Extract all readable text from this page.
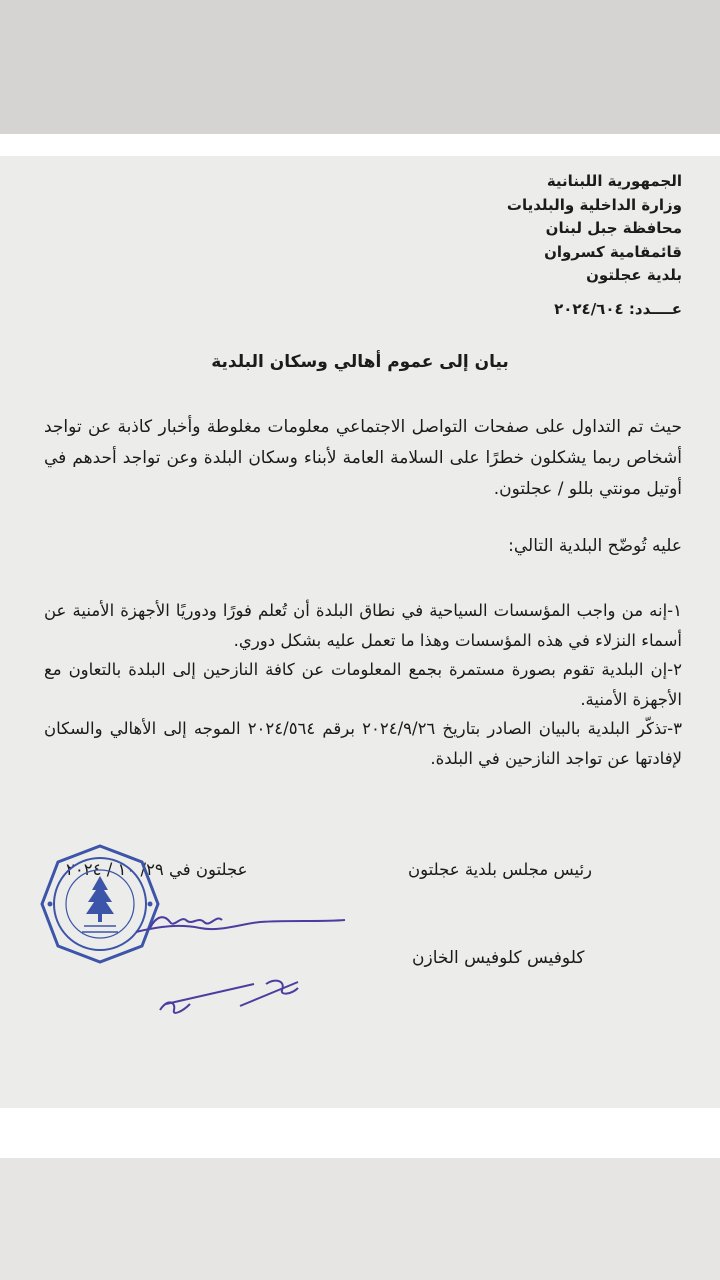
الجمهورية اللبنانية
وزارة الداخلية والبلديات
محافظة جبل لبنان
قائمقامية كسروان
بلدية عجلتون
عــــدد: ٢٠٢٤/٦٠٤
بيان إلى عموم أهالي وسكان البلدية
حيث تم التداول على صفحات التواصل الاجتماعي معلومات مغلوطة وأخبار كاذبة عن تواجد أشخاص ربما يشكلون خطرًا على السلامة العامة لأبناء وسكان البلدة وعن تواجد أحدهم في أوتيل مونتي بللو / عجلتون.
عليه تُوضّح البلدية التالي:

١-إنه من واجب المؤسسات السياحية في نطاق البلدة أن تُعلم فورًا ودوريًا الأجهزة الأمنية عن أسماء النزلاء في هذه المؤسسات وهذا ما تعمل عليه بشكل دوري.

٢-إن البلدية تقوم بصورة مستمرة بجمع المعلومات عن كافة النازحين إلى البلدة بالتعاون مع الأجهزة الأمنية.

٣-تذكّر البلدية بالبيان الصادر بتاريخ ٢٠٢٤/٩/٢٦ برقم ٢٠٢٤/٥٦٤ الموجه إلى الأهالي والسكان لإفادتها عن تواجد النازحين في البلدة.

عجلتون في ٢٩/ ١٠ / ٢٠٢٤	رئيس مجلس بلدية عجلتون
كلوفيس كلوفيس الخازن
